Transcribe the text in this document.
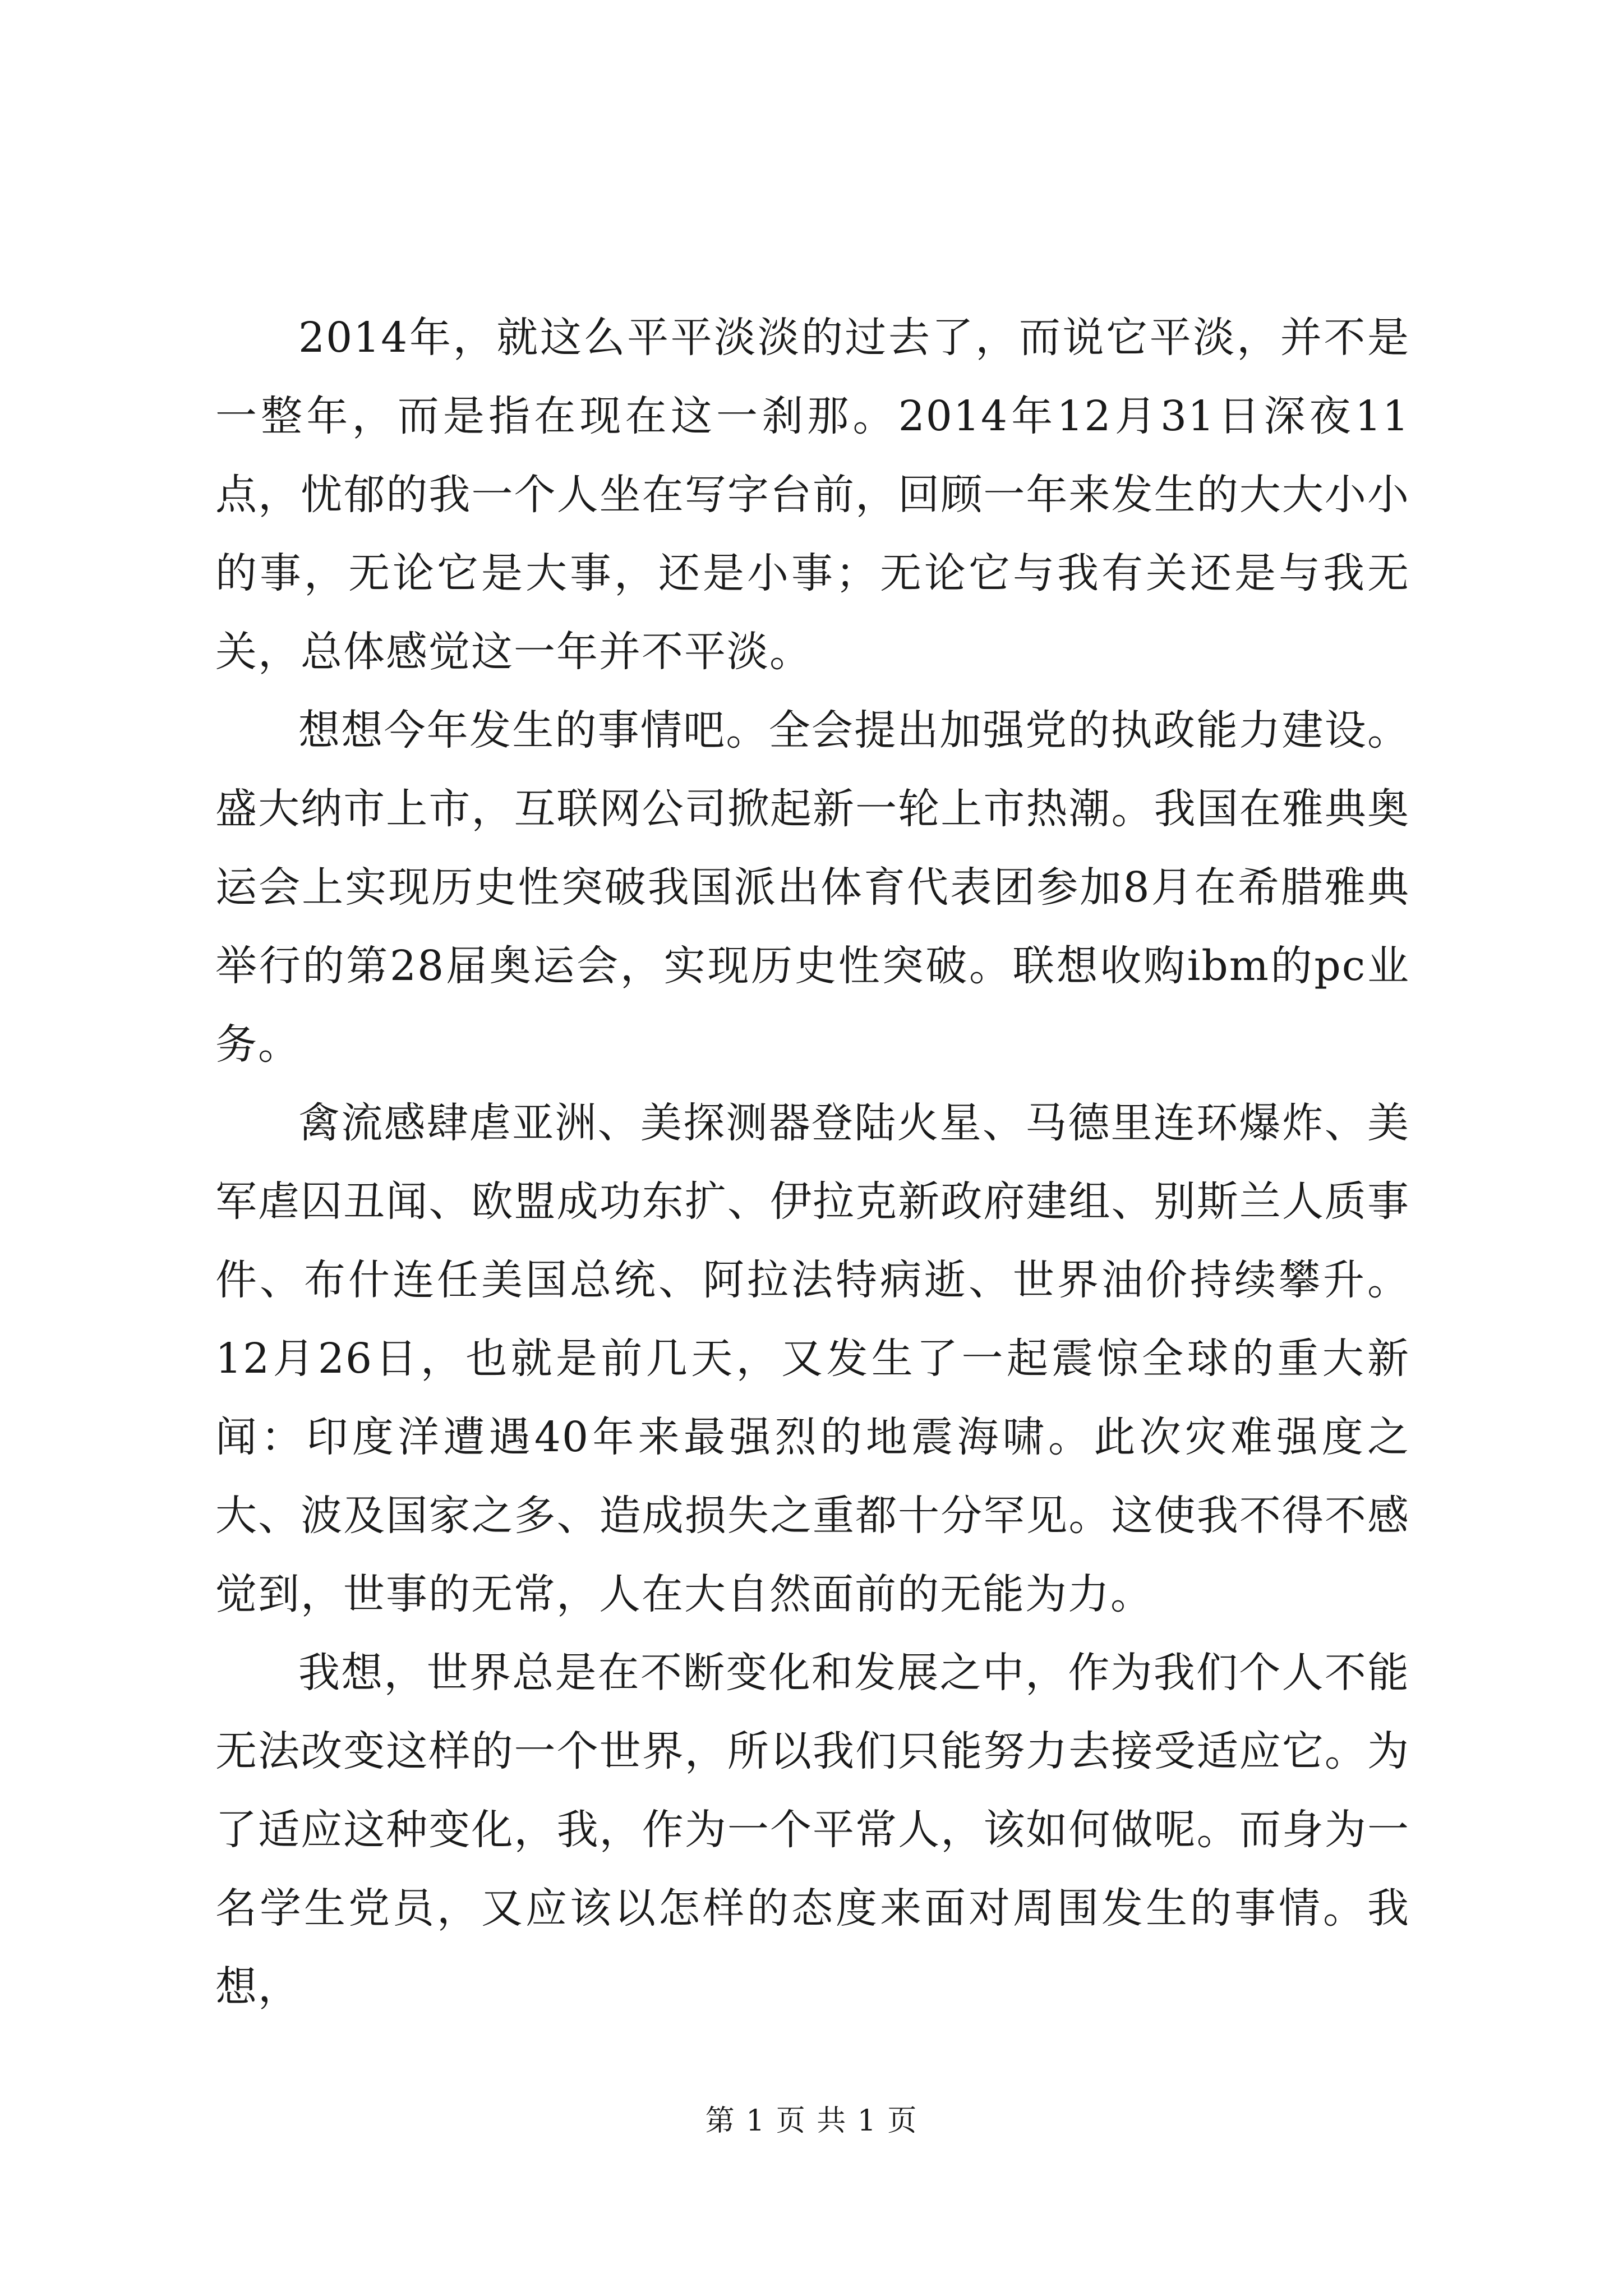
2014年，就这么平平淡淡的过去了，而说它平淡，并不是一整年，而是指在现在这一刹那。2014年12月31日深夜11点，忧郁的我一个人坐在写字台前，回顾一年来发生的大大小小的事，无论它是大事，还是小事；无论它与我有关还是与我无关，总体感觉这一年并不平淡。

想想今年发生的事情吧。全会提出加强党的执政能力建设。盛大纳市上市，互联网公司掀起新一轮上市热潮。我国在雅典奥运会上实现历史性突破我国派出体育代表团参加8月在希腊雅典举行的第28届奥运会，实现历史性突破。联想收购ibm的pc业务。

禽流感肆虐亚洲、美探测器登陆火星、马德里连环爆炸、美军虐囚丑闻、欧盟成功东扩、伊拉克新政府建组、别斯兰人质事件、布什连任美国总统、阿拉法特病逝、世界油价持续攀升。12月26日，也就是前几天，又发生了一起震惊全球的重大新闻：印度洋遭遇40年来最强烈的地震海啸。此次灾难强度之大、波及国家之多、造成损失之重都十分罕见。这使我不得不感觉到，世事的无常，人在大自然面前的无能为力。

我想，世界总是在不断变化和发展之中，作为我们个人不能无法改变这样的一个世界，所以我们只能努力去接受适应它。为了适应这种变化，我，作为一个平常人，该如何做呢。而身为一名学生党员，又应该以怎样的态度来面对周围发生的事情。我想，

第 1 页 共 1 页
